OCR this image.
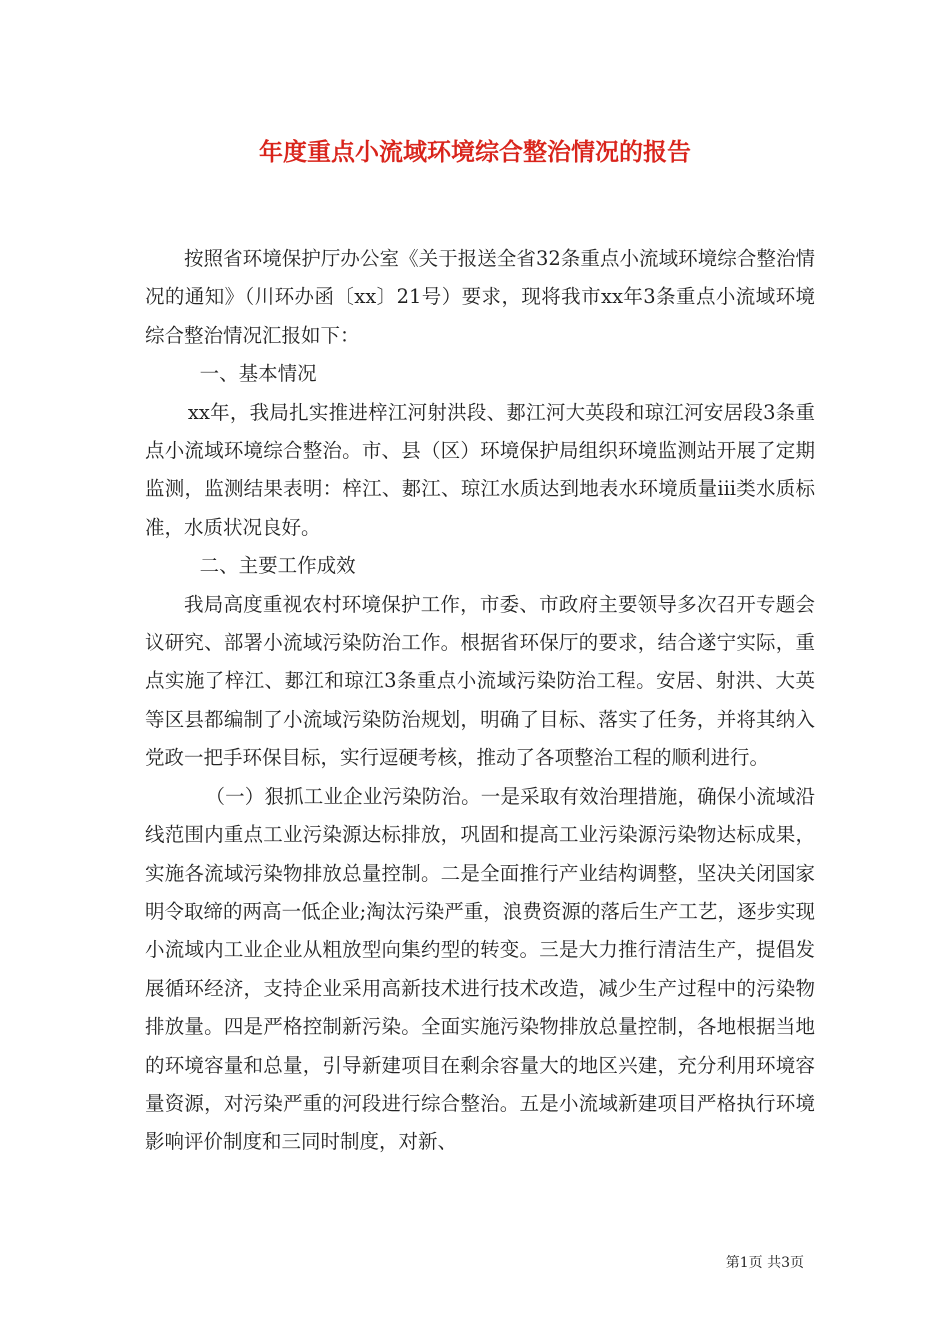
年度重点小流域环境综合整治情况的报告

按照省环境保护厅办公室《关于报送全省32条重点小流域环境综合整治情况的通知》（川环办函〔xx〕21号）要求，现将我市xx年3条重点小流域环境综合整治情况汇报如下：

一、基本情况

xx年，我局扎实推进梓江河射洪段、郪江河大英段和琼江河安居段3条重点小流域环境综合整治。市、县（区）环境保护局组织环境监测站开展了定期监测，监测结果表明：梓江、郪江、琼江水质达到地表水环境质量iii类水质标准，水质状况良好。

二、主要工作成效

我局高度重视农村环境保护工作，市委、市政府主要领导多次召开专题会议研究、部署小流域污染防治工作。根据省环保厅的要求，结合遂宁实际，重点实施了梓江、郪江和琼江3条重点小流域污染防治工程。安居、射洪、大英等区县都编制了小流域污染防治规划，明确了目标、落实了任务，并将其纳入党政一把手环保目标，实行逗硬考核，推动了各项整治工程的顺利进行。

（一）狠抓工业企业污染防治。一是采取有效治理措施，确保小流域沿线范围内重点工业污染源达标排放，巩固和提高工业污染源污染物达标成果，实施各流域污染物排放总量控制。二是全面推行产业结构调整，坚决关闭国家明令取缔的两高一低企业;淘汰污染严重，浪费资源的落后生产工艺，逐步实现小流域内工业企业从粗放型向集约型的转变。三是大力推行清洁生产，提倡发展循环经济，支持企业采用高新技术进行技术改造，减少生产过程中的污染物排放量。四是严格控制新污染。全面实施污染物排放总量控制，各地根据当地的环境容量和总量，引导新建项目在剩余容量大的地区兴建，充分利用环境容量资源，对污染严重的河段进行综合整治。五是小流域新建项目严格执行环境影响评价制度和三同时制度，对新、

第1页 共3页
